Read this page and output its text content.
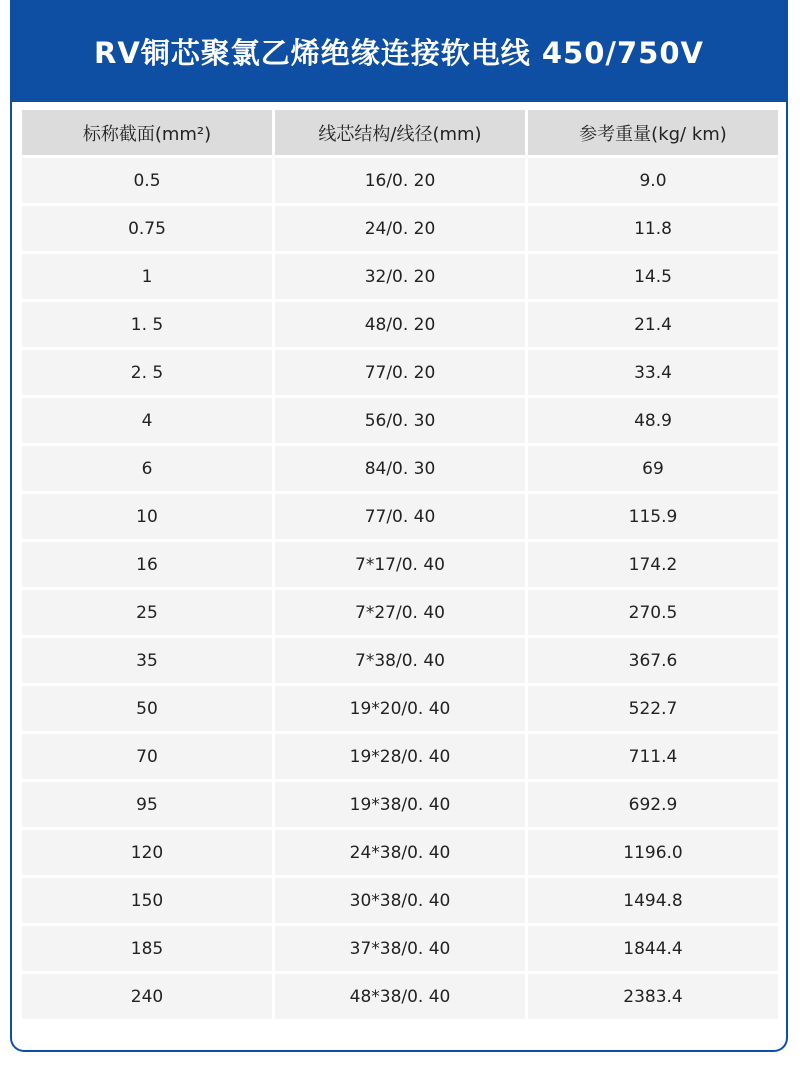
RV铜芯聚氯乙烯绝缘连接软电线 450/750V
标称截面(mm²)	线芯结构/线径(mm)	参考重量(kg/ km)
0.5	16/0. 20	9.0
0.75	24/0. 20	11.8
1	32/0. 20	14.5
1. 5	48/0. 20	21.4
2. 5	77/0. 20	33.4
4	56/0. 30	48.9
6	84/0. 30	69
10	77/0. 40	115.9
16	7*17/0. 40	174.2
25	7*27/0. 40	270.5
35	7*38/0. 40	367.6
50	19*20/0. 40	522.7
70	19*28/0. 40	711.4
95	19*38/0. 40	692.9
120	24*38/0. 40	1196.0
150	30*38/0. 40	1494.8
185	37*38/0. 40	1844.4
240	48*38/0. 40	2383.4
